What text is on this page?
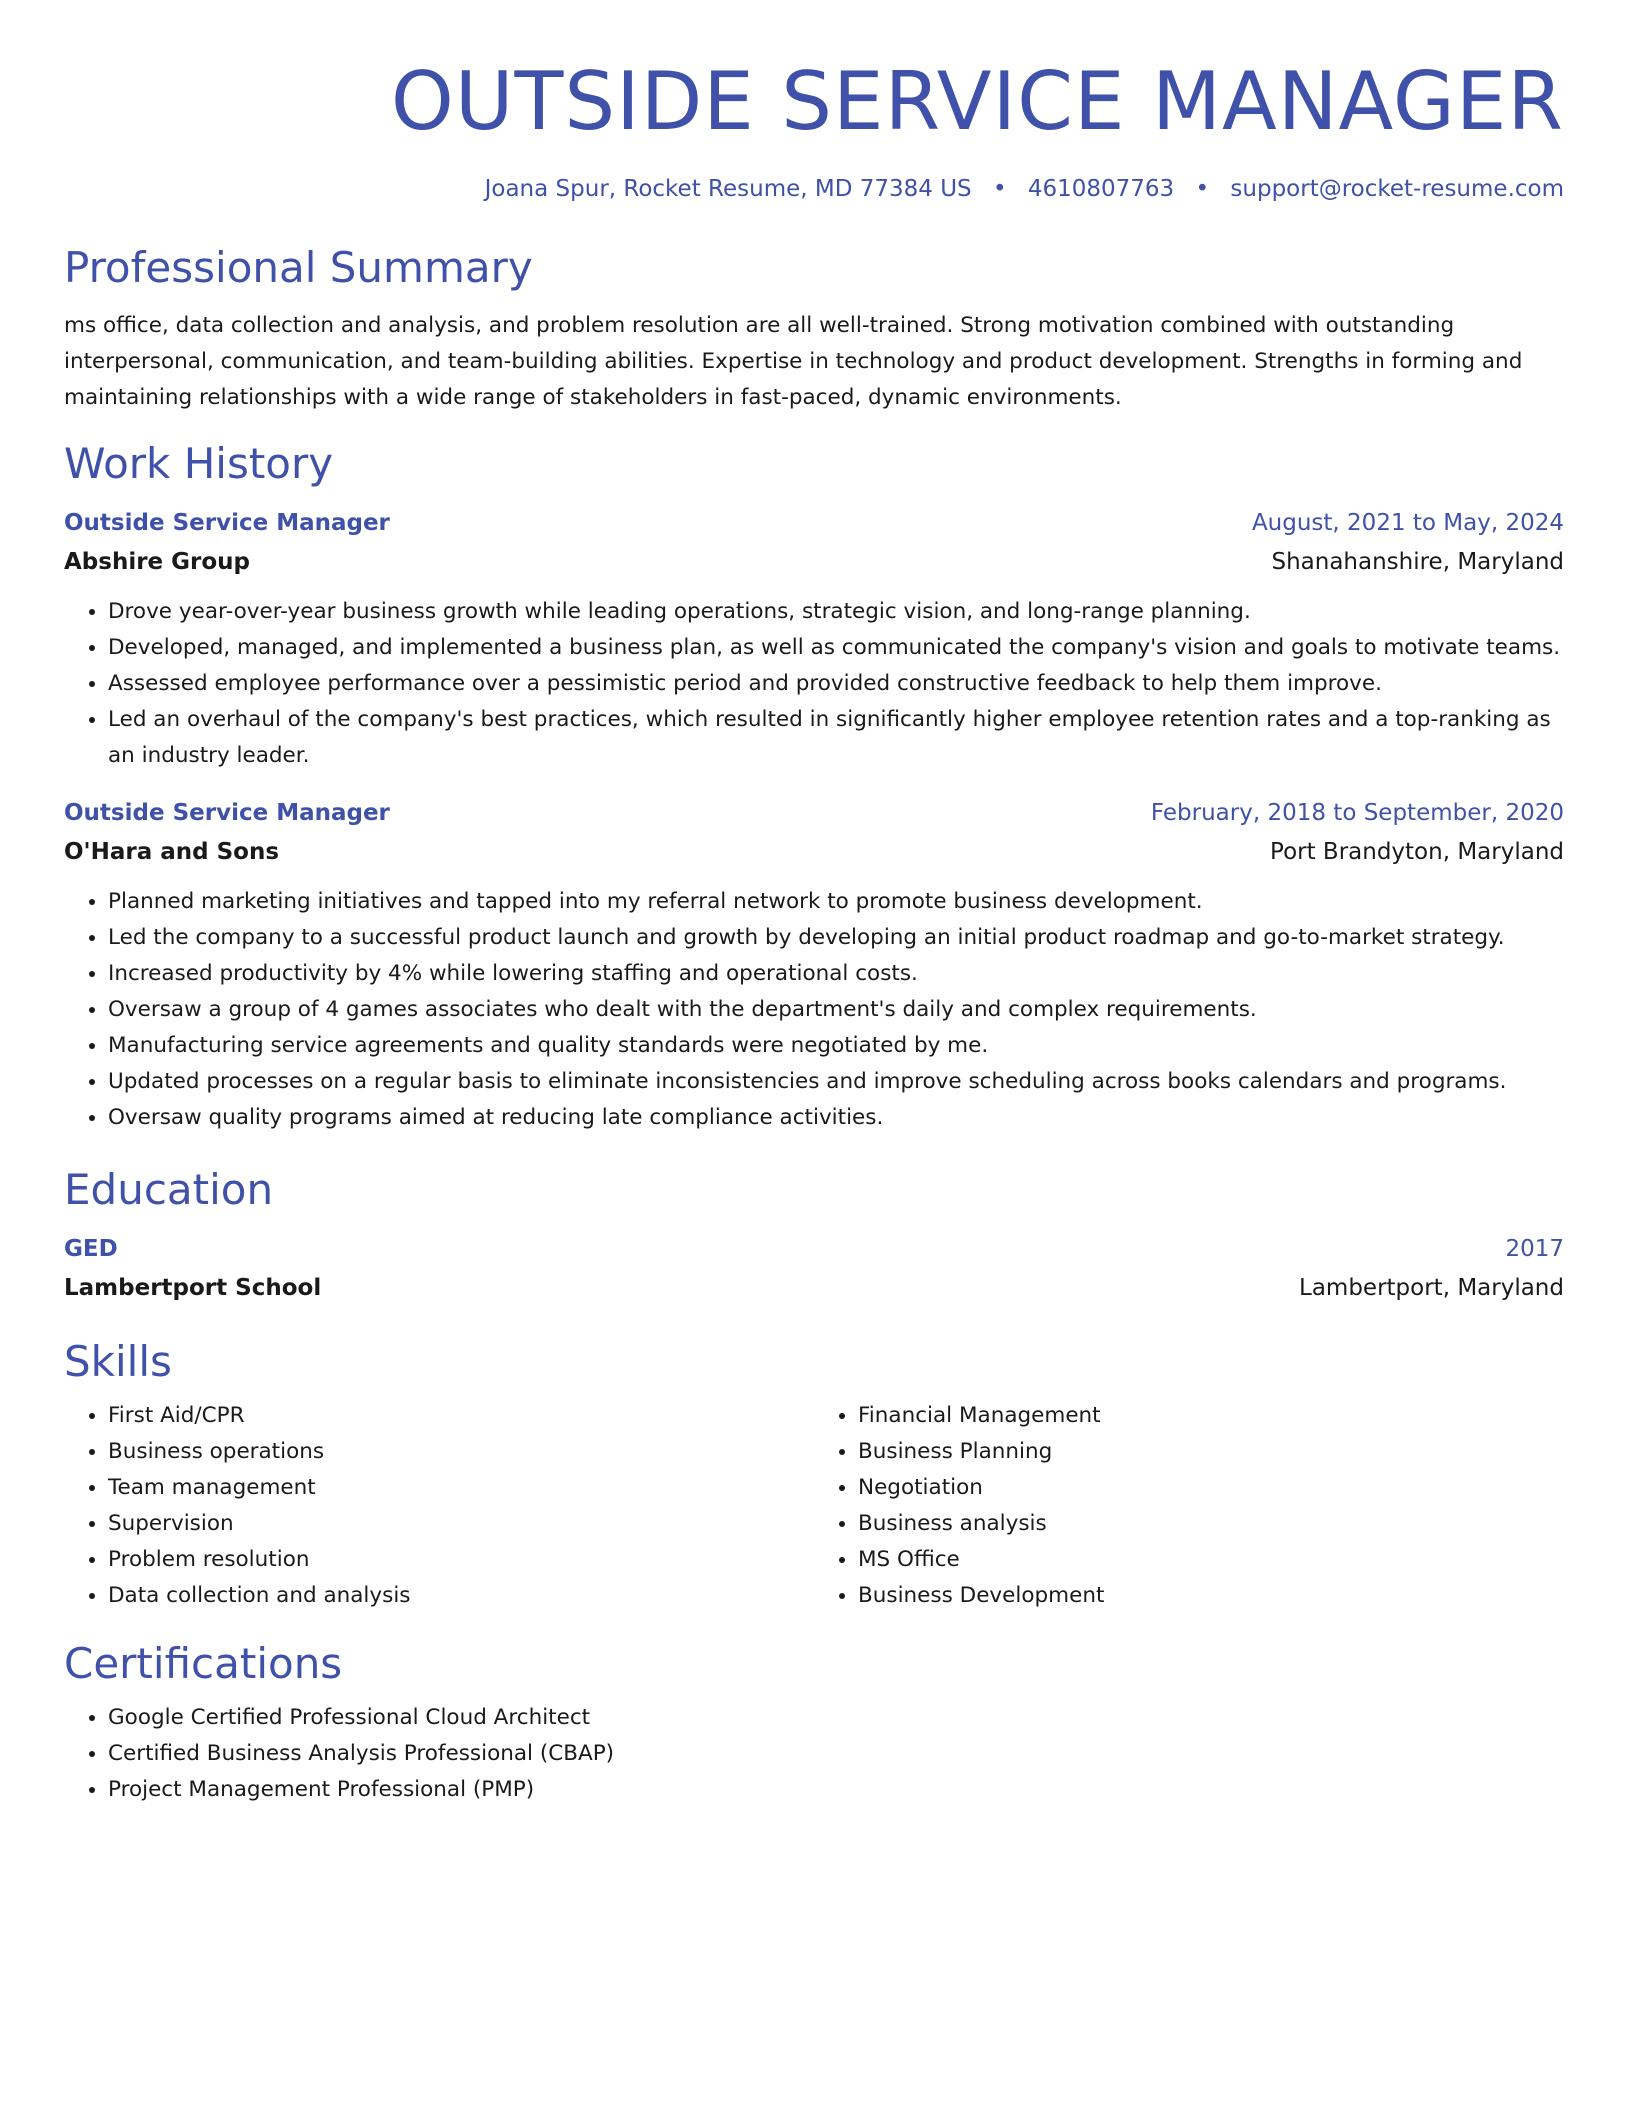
OUTSIDE SERVICE MANAGER
Joana Spur, Rocket Resume, MD 77384 US • 4610807763 • support@rocket-resume.com
Professional Summary

ms office, data collection and analysis, and problem resolution are all well-trained. Strong motivation combined with outstanding interpersonal, communication, and team-building abilities. Expertise in technology and product development. Strengths in forming and maintaining relationships with a wide range of stakeholders in fast-paced, dynamic environments.

Work History
Outside Service Manager	August, 2021 to May, 2024
Abshire Group	Shanahanshire, Maryland
• Drove year-over-year business growth while leading operations, strategic vision, and long-range planning.
• Developed, managed, and implemented a business plan, as well as communicated the company's vision and goals to motivate teams.
• Assessed employee performance over a pessimistic period and provided constructive feedback to help them improve.
• Led an overhaul of the company's best practices, which resulted in significantly higher employee retention rates and a top-ranking as an industry leader.
Outside Service Manager	February, 2018 to September, 2020
O'Hara and Sons	Port Brandyton, Maryland
• Planned marketing initiatives and tapped into my referral network to promote business development.
• Led the company to a successful product launch and growth by developing an initial product roadmap and go-to-market strategy.
• Increased productivity by 4% while lowering staffing and operational costs.
• Oversaw a group of 4 games associates who dealt with the department's daily and complex requirements.
• Manufacturing service agreements and quality standards were negotiated by me.
• Updated processes on a regular basis to eliminate inconsistencies and improve scheduling across books calendars and programs.
• Oversaw quality programs aimed at reducing late compliance activities.
Education
GED	2017
Lambertport School	Lambertport, Maryland
Skills
• First Aid/CPR
• Business operations
• Team management
• Supervision
• Problem resolution
• Data collection and analysis
• Financial Management
• Business Planning
• Negotiation
• Business analysis
• MS Office
• Business Development
Certifications
• Google Certified Professional Cloud Architect
• Certified Business Analysis Professional (CBAP)
• Project Management Professional (PMP)
